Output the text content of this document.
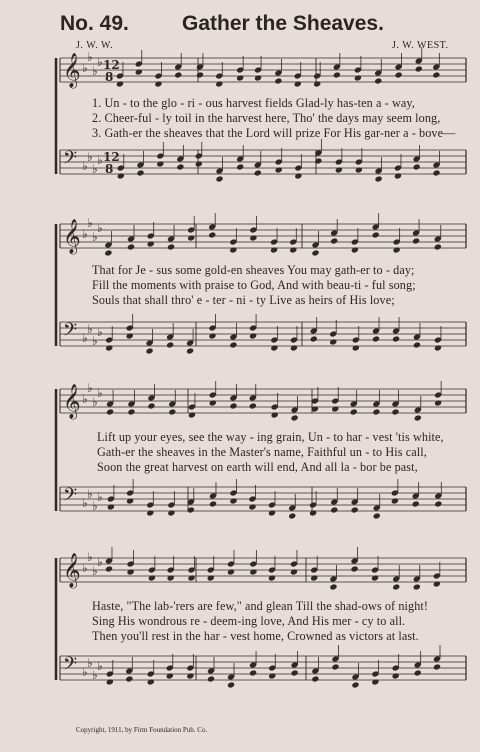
No. 49.	Gather the Sheaves.
J. W. W.	J. W. WEST.
𝄞 ♭
♭
♭
♭
𝄢 ♭
♭
♭
♭
12
8
12
8
𝄞 ♭
♭
♭
♭
𝄢 ♭
♭
♭
♭
𝄞 ♭
♭
♭
♭
𝄢 ♭
♭
♭
♭
𝄞 ♭
♭
♭
♭
𝄢 ♭
♭
♭
♭
1. Un - to the glo - ri - ous harvest fields Glad-ly has-ten a - way,
2. Cheer-ful - ly toil in the harvest here, Tho' the days may seem long,
3. Gath-er the sheaves that the Lord will prize For His gar-ner a - bove—
That for Je - sus some gold-en sheaves You may gath-er to - day;
Fill the moments with praise to God, And with beau-ti - ful song;
Souls that shall thro' e - ter - ni - ty Live as heirs of His love;
Lift up your eyes, see the way - ing grain, Un - to har - vest 'tis white,
Gath-er the sheaves in the Master's name, Faithful un - to His call,
Soon the great harvest on earth will end, And all la - bor be past,
Haste, "The lab-'rers are few," and glean Till the shad-ows of night!
Sing His wondrous re - deem-ing love, And His mer - cy to all.
Then you'll rest in the har - vest home, Crowned as victors at last.
Copyright, 1911, by Firm Foundation Pub. Co.
